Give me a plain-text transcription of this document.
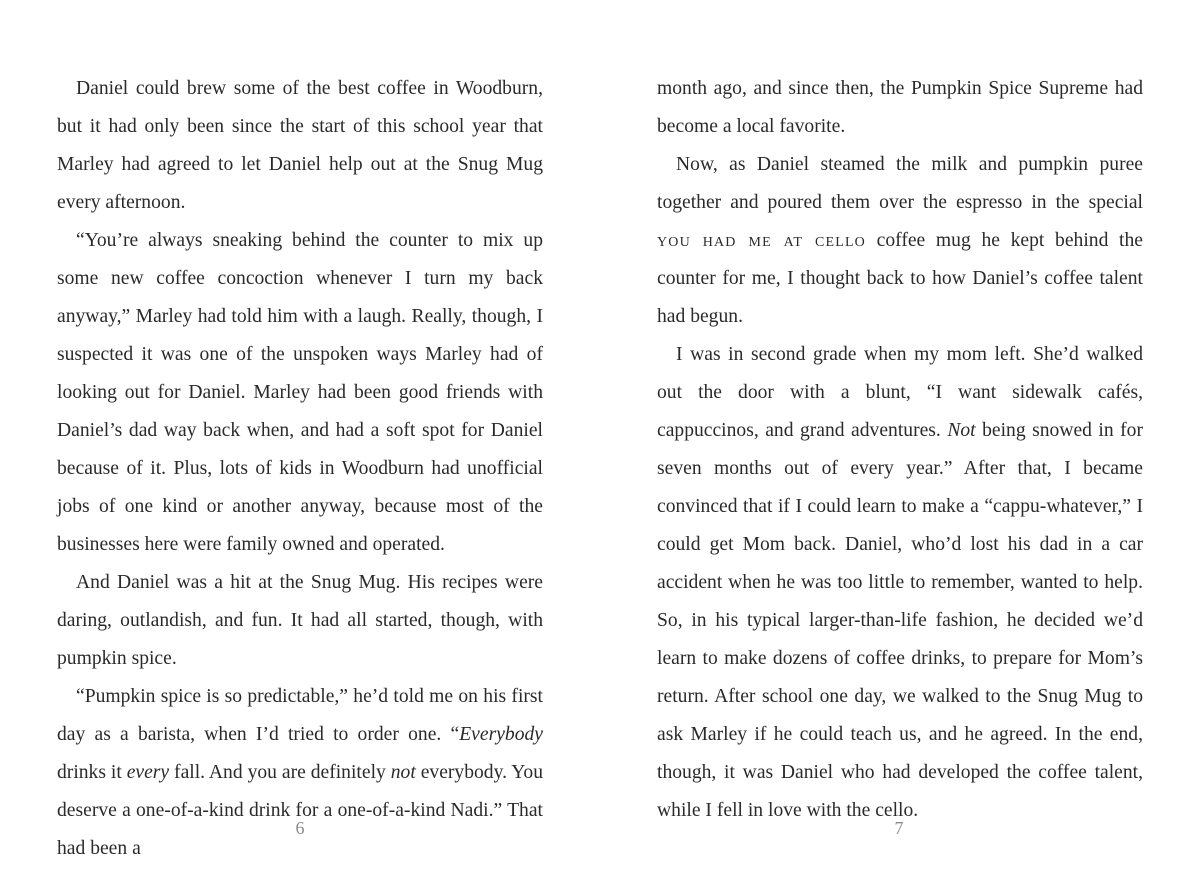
Daniel could brew some of the best coffee in Woodburn, but it had only been since the start of this school year that Marley had agreed to let Daniel help out at the Snug Mug every afternoon.

“You’re always sneaking behind the counter to mix up some new coffee concoction whenever I turn my back anyway,” Marley had told him with a laugh. Really, though, I suspected it was one of the unspoken ways Marley had of looking out for Daniel. Marley had been good friends with Daniel’s dad way back when, and had a soft spot for Daniel because of it. Plus, lots of kids in Woodburn had unofficial jobs of one kind or another anyway, because most of the businesses here were family owned and operated.

And Daniel was a hit at the Snug Mug. His recipes were daring, outlandish, and fun. It had all started, though, with pumpkin spice.

“Pumpkin spice is so predictable,” he’d told me on his first day as a barista, when I’d tried to order one. “Everybody drinks it every fall. And you are definitely not everybody. You deserve a one-of-a-kind drink for a one-of-a-kind Nadi.” That had been a

month ago, and since then, the Pumpkin Spice Supreme had become a local favorite.

Now, as Daniel steamed the milk and pumpkin puree together and poured them over the espresso in the special you had me at cello coffee mug he kept behind the counter for me, I thought back to how Daniel’s coffee talent had begun.

I was in second grade when my mom left. She’d walked out the door with a blunt, “I want sidewalk cafés, cappuccinos, and grand adventures. Not being snowed in for seven months out of every year.” After that, I became convinced that if I could learn to make a “cappu-whatever,” I could get Mom back. Daniel, who’d lost his dad in a car accident when he was too little to remember, wanted to help. So, in his typical larger-than-life fashion, he decided we’d learn to make dozens of coffee drinks, to prepare for Mom’s return. After school one day, we walked to the Snug Mug to ask Marley if he could teach us, and he agreed. In the end, though, it was Daniel who had developed the coffee talent, while I fell in love with the cello.

6	7
